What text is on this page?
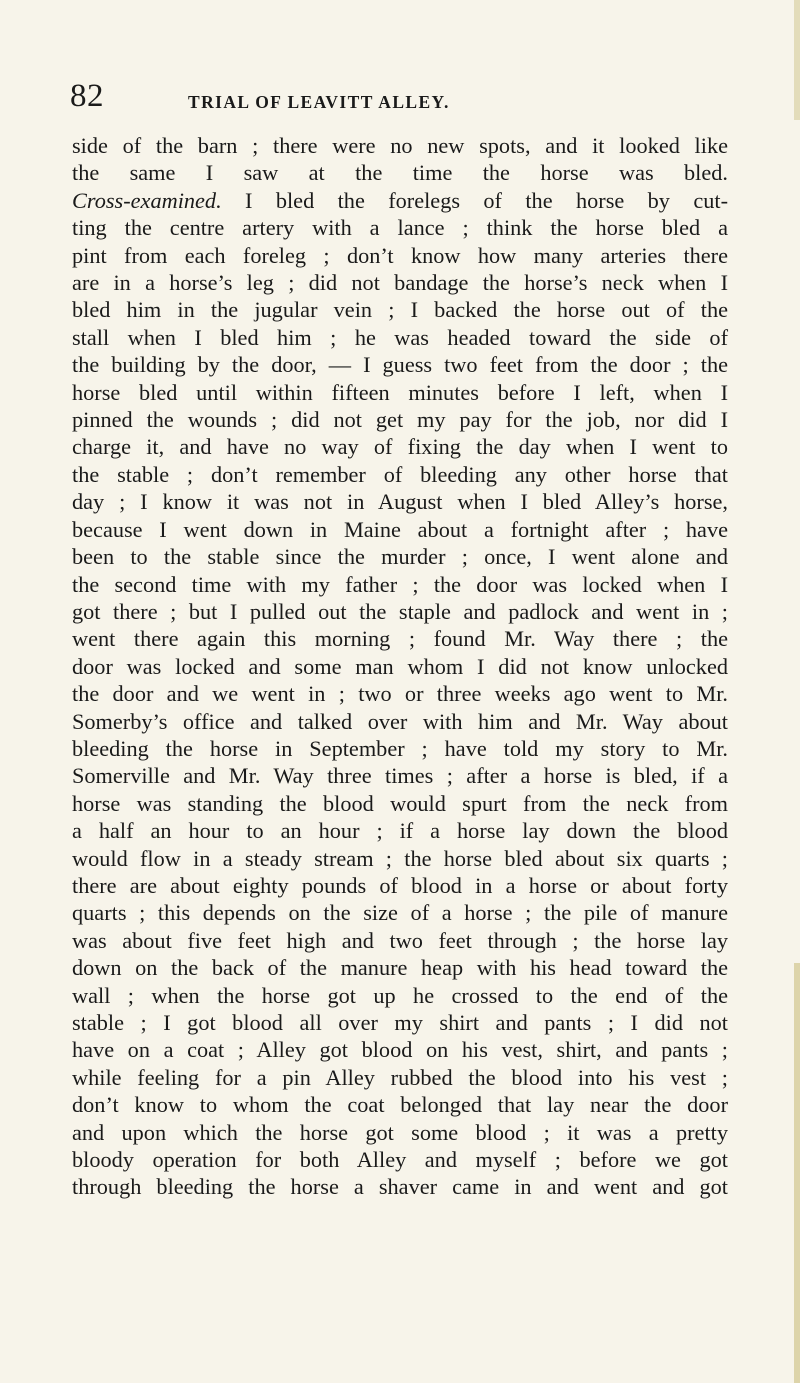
82	TRIAL OF LEAVITT ALLEY.
side of the barn ; there were no new spots, and it looked like
the same I saw at the time the horse was bled.
Cross-examined. I bled the forelegs of the horse by cut-
ting the centre artery with a lance ; think the horse bled a
pint from each foreleg ; don’t know how many arteries there
are in a horse’s leg ; did not bandage the horse’s neck when I
bled him in the jugular vein ; I backed the horse out of the
stall when I bled him ; he was headed toward the side of
the building by the door, — I guess two feet from the door ; the
horse bled until within fifteen minutes before I left, when I
pinned the wounds ; did not get my pay for the job, nor did I
charge it, and have no way of fixing the day when I went to
the stable ; don’t remember of bleeding any other horse that
day ; I know it was not in August when I bled Alley’s horse,
because I went down in Maine about a fortnight after ; have
been to the stable since the murder ; once, I went alone and
the second time with my father ; the door was locked when I
got there ; but I pulled out the staple and padlock and went in ;
went there again this morning ; found Mr. Way there ; the
door was locked and some man whom I did not know unlocked
the door and we went in ; two or three weeks ago went to Mr.
Somerby’s office and talked over with him and Mr. Way about
bleeding the horse in September ; have told my story to Mr.
Somerville and Mr. Way three times ; after a horse is bled, if a
horse was standing the blood would spurt from the neck from
a half an hour to an hour ; if a horse lay down the blood
would flow in a steady stream ; the horse bled about six quarts ;
there are about eighty pounds of blood in a horse or about forty
quarts ; this depends on the size of a horse ; the pile of manure
was about five feet high and two feet through ; the horse lay
down on the back of the manure heap with his head toward the
wall ; when the horse got up he crossed to the end of the
stable ; I got blood all over my shirt and pants ; I did not
have on a coat ; Alley got blood on his vest, shirt, and pants ;
while feeling for a pin Alley rubbed the blood into his vest ;
don’t know to whom the coat belonged that lay near the door
and upon which the horse got some blood ; it was a pretty
bloody operation for both Alley and myself ; before we got
through bleeding the horse a shaver came in and went and got
